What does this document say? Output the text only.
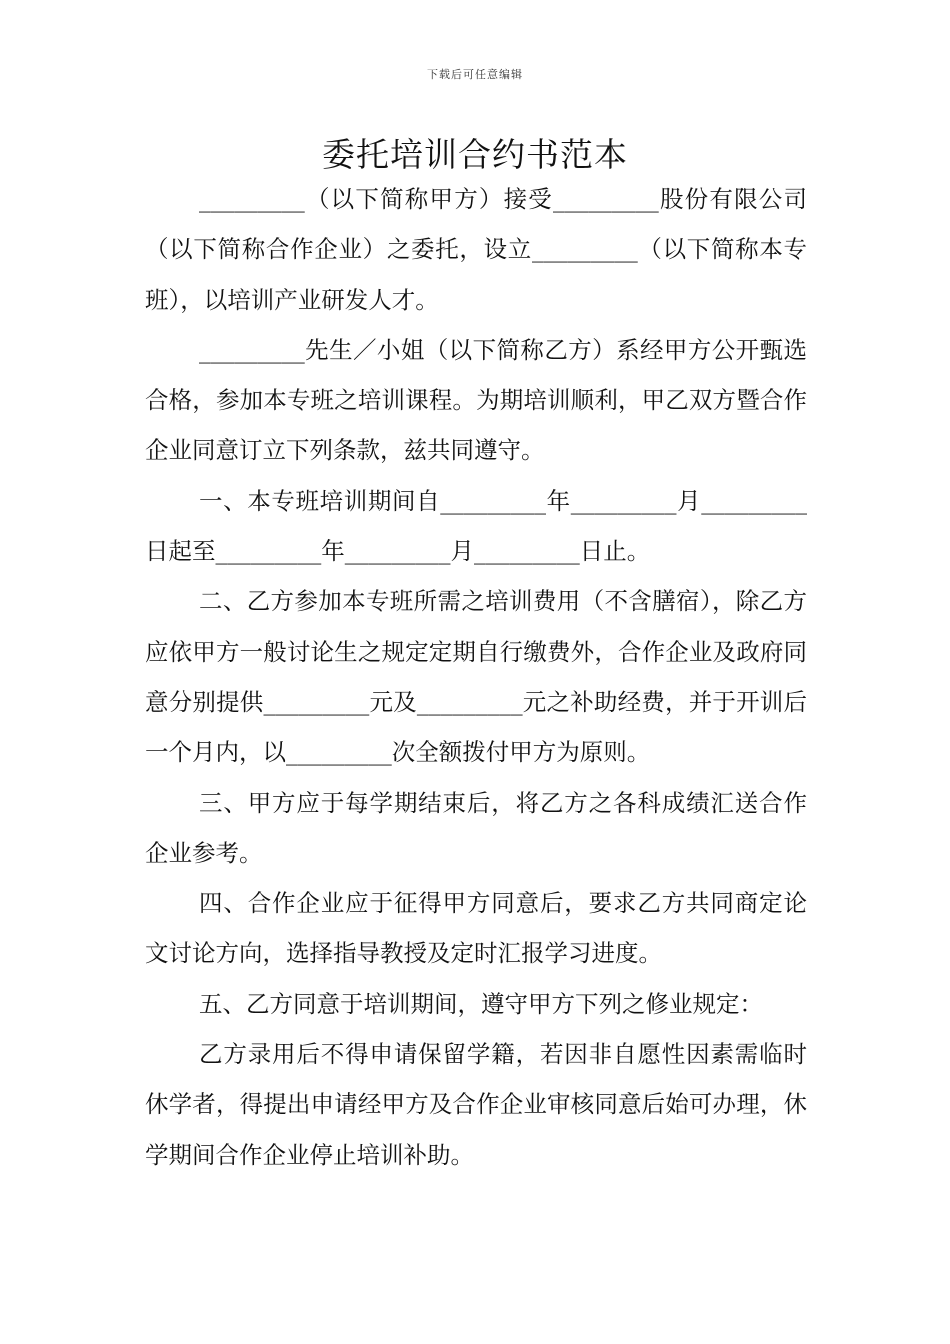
下载后可任意编辑
委托培训合约书范本

_________（以下简称甲方）接受_________股份有限公司（以下简称合作企业）之委托，设立_________（以下简称本专班），以培训产业研发人才。

_________先生／小姐（以下简称乙方）系经甲方公开甄选合格，参加本专班之培训课程。为期培训顺利，甲乙双方暨合作企业同意订立下列条款，兹共同遵守。

一、本专班培训期间自_________年_________月_________日起至_________年_________月_________日止。

二、乙方参加本专班所需之培训费用（不含膳宿），除乙方应依甲方一般讨论生之规定定期自行缴费外，合作企业及政府同意分别提供_________元及_________元之补助经费，并于开训后一个月内，以_________次全额拨付甲方为原则。

三、甲方应于每学期结束后，将乙方之各科成绩汇送合作企业参考。

四、合作企业应于征得甲方同意后，要求乙方共同商定论文讨论方向，选择指导教授及定时汇报学习进度。

五、乙方同意于培训期间，遵守甲方下列之修业规定：

乙方录用后不得申请保留学籍，若因非自愿性因素需临时休学者，得提出申请经甲方及合作企业审核同意后始可办理，休学期间合作企业停止培训补助。
